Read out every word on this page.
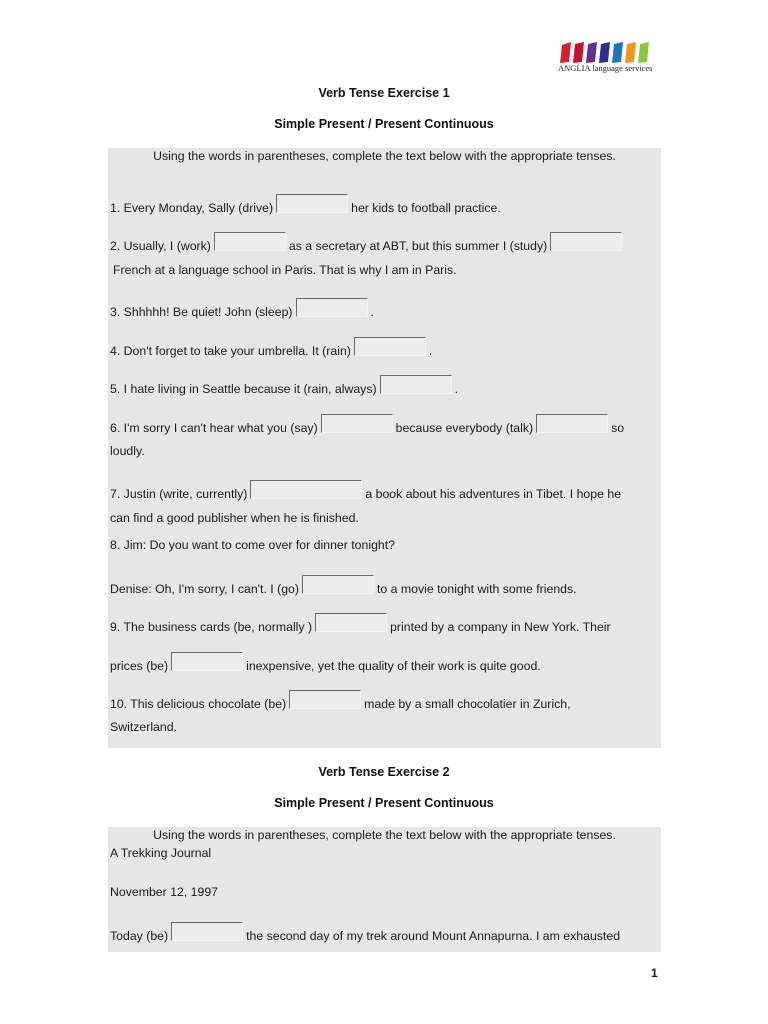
ANGLIA language services
Verb Tense Exercise 1
Simple Present / Present Continuous
Using the words in parentheses, complete the text below with the appropriate tenses.
1. Every Monday, Sally (drive)	her kids to football practice.
2. Usually, I (work)	as a secretary at ABT, but this summer I (study)
French at a language school in Paris. That is why I am in Paris.
3. Shhhhh! Be quiet! John (sleep)	.
4. Don't forget to take your umbrella. It (rain)	.
5. I hate living in Seattle because it (rain, always)	.
6. I'm sorry I can't hear what you (say)	because everybody (talk)	so
loudly.
7. Justin (write, currently)	a book about his adventures in Tibet. I hope he
can find a good publisher when he is finished.
8. Jim: Do you want to come over for dinner tonight?
Denise: Oh, I'm sorry, I can't. I (go)	to a movie tonight with some friends.
9. The business cards (be, normally )	printed by a company in New York. Their
prices (be)	inexpensive, yet the quality of their work is quite good.
10. This delicious chocolate (be)	made by a small chocolatier in Zurich,
Switzerland.
Verb Tense Exercise 2
Simple Present / Present Continuous
Using the words in parentheses, complete the text below with the appropriate tenses.
A Trekking Journal
November 12, 1997
Today (be)	the second day of my trek around Mount Annapurna. I am exhausted
1
